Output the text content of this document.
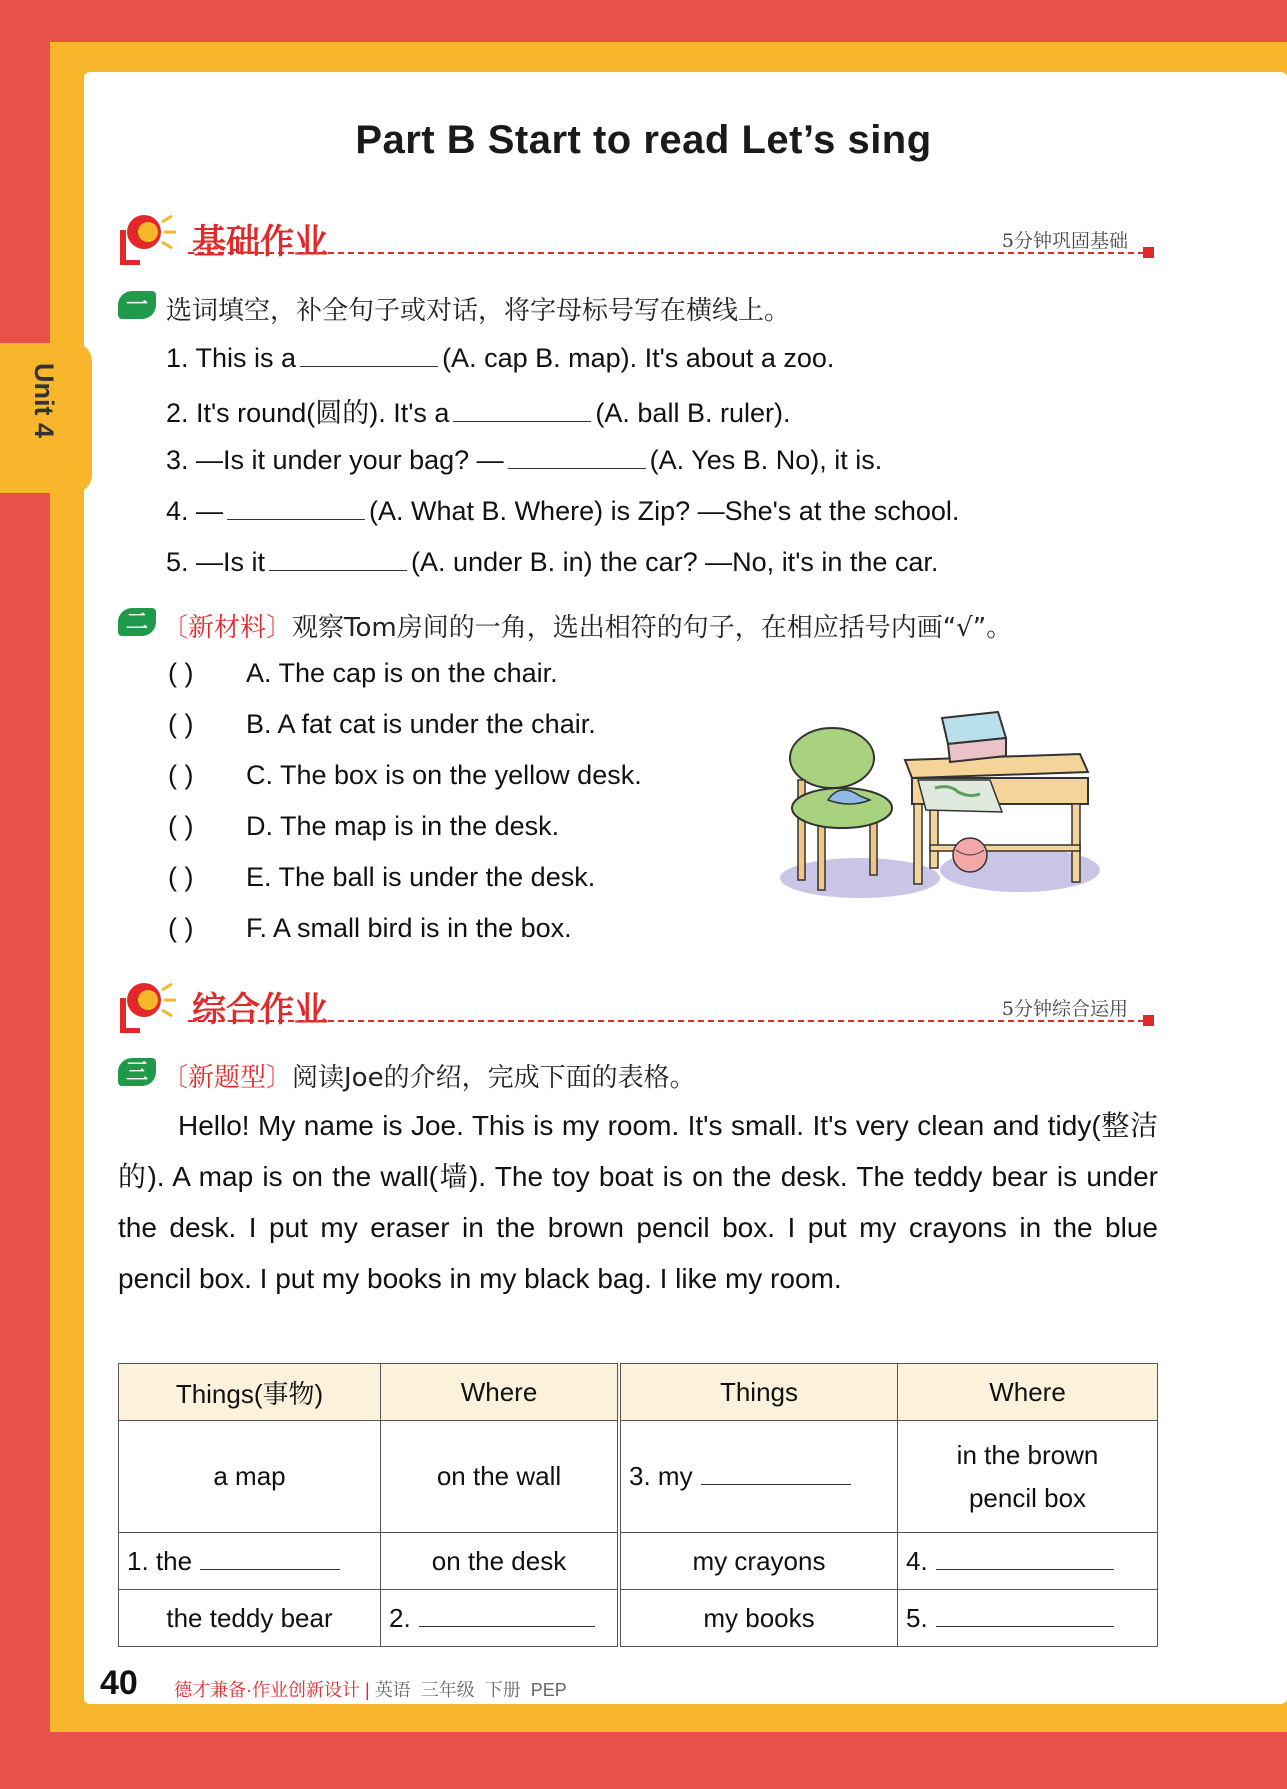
Part B Start to read Let’s sing
Unit 4
基础作业	5分钟巩固基础
一 选词填空，补全句子或对话，将字母标号写在横线上。
1. This is a	(A. cap B. map). It's about a zoo.
2. It's round(圆的). It's a	(A. ball B. ruler).
3. —Is it under your bag? —	(A. Yes B. No), it is.
4. —	(A. What B. Where) is Zip? —She's at the school.
5. —Is it	(A. under B. in) the car? —No, it's in the car.
二 〔新材料〕观察Tom房间的一角，选出相符的句子，在相应括号内画“√”。
( ) A. The cap is on the chair.
( ) B. A fat cat is under the chair.
( ) C. The box is on the yellow desk.
( ) D. The map is in the desk.
( ) E. The ball is under the desk.
( ) F. A small bird is in the box.
综合作业	5分钟综合运用
三 〔新题型〕阅读Joe的介绍，完成下面的表格。
Hello! My name is Joe. This is my room. It's small. It's very clean and tidy(整洁的). A map is on the wall(墙). The toy boat is on the desk. The teddy bear is under the desk. I put my eraser in the brown pencil box. I put my crayons in the blue pencil box. I put my books in my black bag. I like my room.
Things(事物)	Where	Things	Where
a map	on the wall	3. my	in the brown
pencil box

1. the	on the desk	my crayons	4.
the teddy bear	2.	my books	5.
40 德才兼备·作业创新设计 | 英语 三年级 下册 PEP
